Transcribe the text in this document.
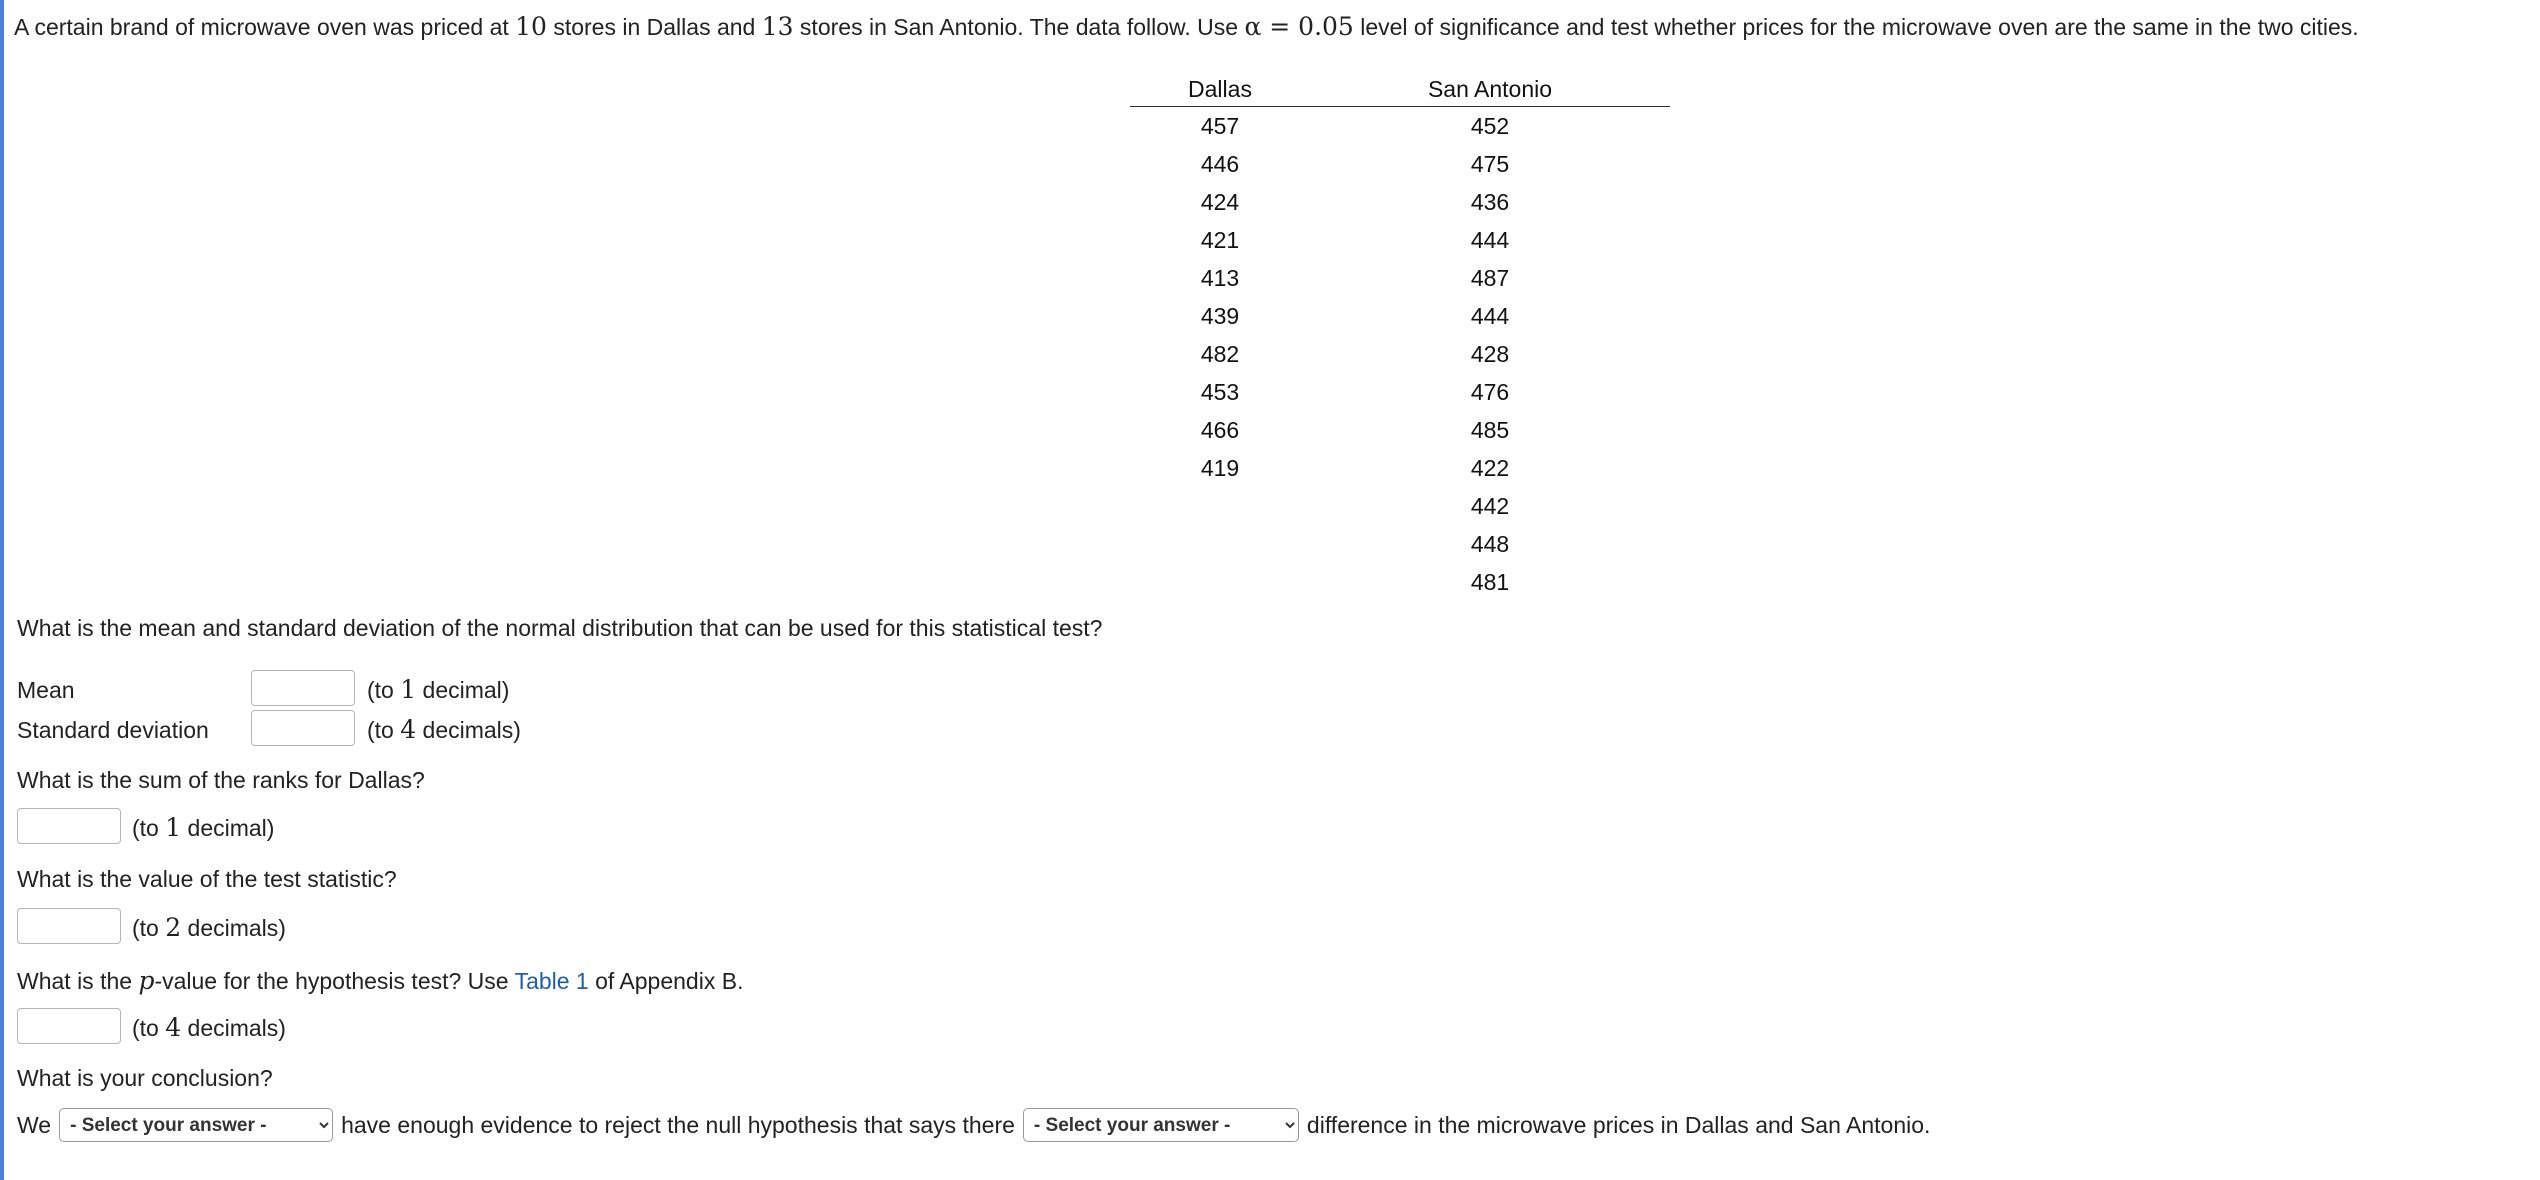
A certain brand of microwave oven was priced at 10 stores in Dallas and 13 stores in San Antonio. The data follow. Use α = 0.05 level of significance and test whether prices for the microwave oven are the same in the two cities.
Dallas	San Antonio
457	452
446	475
424	436
421	444
413	487
439	444
482	428
453	476
466	485
419	422
	442
	448
	481
What is the mean and standard deviation of the normal distribution that can be used for this statistical test?
Mean	(to 1 decimal)
Standard deviation	(to 4 decimals)
What is the sum of the ranks for Dallas?
(to 1 decimal)
What is the value of the test statistic?
(to 2 decimals)
What is the p-value for the hypothesis test? Use Table 1 of Appendix B.
(to 4 decimals)
What is your conclusion?
We
- Select your answer -	have enough evidence to reject the null hypothesis that says there
- Select your answer -	difference in the microwave prices in Dallas and San Antonio.
